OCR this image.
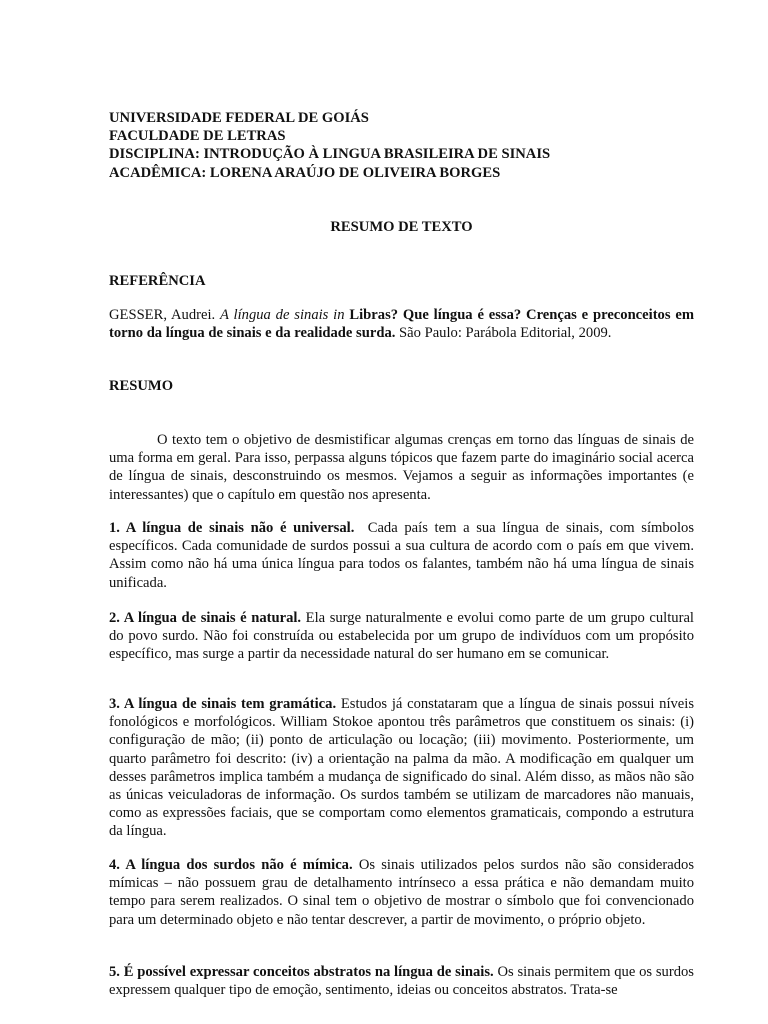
UNIVERSIDADE FEDERAL DE GOIÁS
FACULDADE DE LETRAS
DISCIPLINA: INTRODUÇÃO À LINGUA BRASILEIRA DE SINAIS
ACADÊMICA: LORENA ARAÚJO DE OLIVEIRA BORGES
RESUMO DE TEXTO
REFERÊNCIA
GESSER, Audrei. A língua de sinais in Libras? Que língua é essa? Crenças e preconceitos em torno da língua de sinais e da realidade surda. São Paulo: Parábola Editorial, 2009.
RESUMO
O texto tem o objetivo de desmistificar algumas crenças em torno das línguas de sinais de uma forma em geral. Para isso, perpassa alguns tópicos que fazem parte do imaginário social acerca de língua de sinais, desconstruindo os mesmos. Vejamos a seguir as informações importantes (e interessantes) que o capítulo em questão nos apresenta.
1. A língua de sinais não é universal. Cada país tem a sua língua de sinais, com símbolos específicos. Cada comunidade de surdos possui a sua cultura de acordo com o país em que vivem. Assim como não há uma única língua para todos os falantes, também não há uma língua de sinais unificada.
2. A língua de sinais é natural. Ela surge naturalmente e evolui como parte de um grupo cultural do povo surdo. Não foi construída ou estabelecida por um grupo de indivíduos com um propósito específico, mas surge a partir da necessidade natural do ser humano em se comunicar.
3. A língua de sinais tem gramática. Estudos já constataram que a língua de sinais possui níveis fonológicos e morfológicos. William Stokoe apontou três parâmetros que constituem os sinais: (i) configuração de mão; (ii) ponto de articulação ou locação; (iii) movimento. Posteriormente, um quarto parâmetro foi descrito: (iv) a orientação na palma da mão. A modificação em qualquer um desses parâmetros implica também a mudança de significado do sinal. Além disso, as mãos não são as únicas veiculadoras de informação. Os surdos também se utilizam de marcadores não manuais, como as expressões faciais, que se comportam como elementos gramaticais, compondo a estrutura da língua.
4. A língua dos surdos não é mímica. Os sinais utilizados pelos surdos não são considerados mímicas – não possuem grau de detalhamento intrínseco a essa prática e não demandam muito tempo para serem realizados. O sinal tem o objetivo de mostrar o símbolo que foi convencionado para um determinado objeto e não tentar descrever, a partir de movimento, o próprio objeto.
5. É possível expressar conceitos abstratos na língua de sinais. Os sinais permitem que os surdos expressem qualquer tipo de emoção, sentimento, ideias ou conceitos abstratos. Trata-se
